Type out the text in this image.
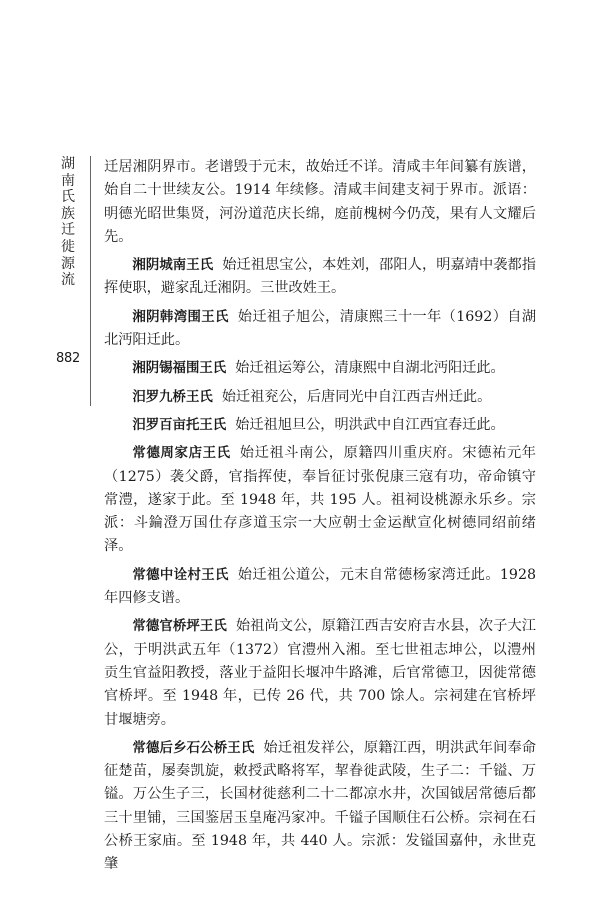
湖南氏族迁徙源流
882

迁居湘阴界市。老谱毁于元末，故始迁不详。清咸丰年间纂有族谱，始自二十世续友公。1914 年续修。清咸丰间建支祠于界市。派语：明德光昭世集贤，河汾道范庆长绵，庭前槐树今仍茂，果有人文耀后先。

湘阴城南王氏 始迁祖思宝公，本姓刘，邵阳人，明嘉靖中袭都指挥使职，避家乱迁湘阴。三世改姓王。

湘阴韩湾围王氏 始迁祖子旭公，清康熙三十一年（1692）自湖北沔阳迁此。

湘阴锡福围王氏 始迁祖运筹公，清康熙中自湖北沔阳迁此。

汨罗九桥王氏 始迁祖兖公，后唐同光中自江西吉州迁此。

汨罗百亩托王氏 始迁祖旭旦公，明洪武中自江西宜春迁此。

常德周家店王氏 始迁祖斗南公，原籍四川重庆府。宋德祐元年（1275）袭父爵，官指挥使，奉旨征讨张倪康三寇有功，帝命镇守常澧，遂家于此。至 1948 年，共 195 人。祖祠设桃源永乐乡。宗派：斗錀澄万国仕存彦道玉宗一大应朝士金运猷宣化树德同绍前绪泽。

常德中诠村王氏 始迁祖公道公，元末自常德杨家湾迁此。1928 年四修支谱。

常德官桥坪王氏 始祖尚文公，原籍江西吉安府吉水县，次子大江公，于明洪武五年（1372）官澧州入湘。至七世祖志坤公，以澧州贡生官益阳教授，落业于益阳长堰冲牛路滩，后官常德卫，因徙常德官桥坪。至 1948 年，已传 26 代，共 700 馀人。宗祠建在官桥坪甘堰塘旁。

常德后乡石公桥王氏 始迁祖发祥公，原籍江西，明洪武年间奉命征楚苗，屡奏凯旋，敕授武略将军，挈眷徙武陵，生子二：千镒、万镒。万公生子三，长国材徙慈利二十二都凉水井，次国钺居常德后都三十里铺，三国鉴居玉皇庵冯家冲。千镒子国顺住石公桥。宗祠在石公桥王家庙。至 1948 年，共 440 人。宗派：发镒国嘉仲，永世克肇
